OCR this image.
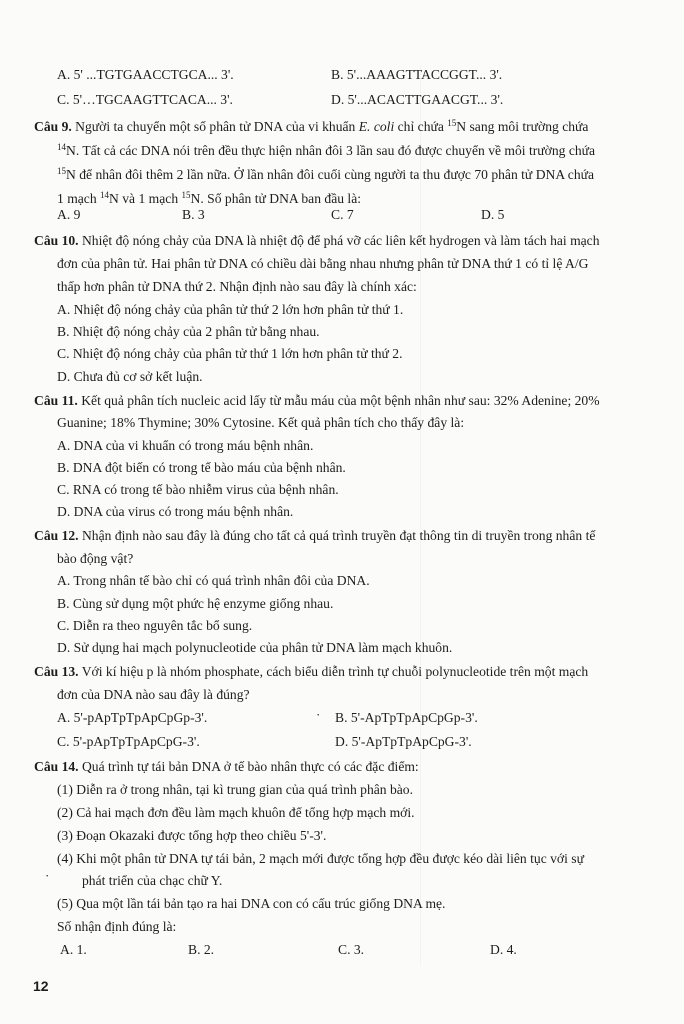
A. 5' ...TGTGAACCTGCA... 3'.	B. 5'...AAAGTTACCGGT... 3'.
C. 5'…TGCAAGTTCACA... 3'.	D. 5'...ACACTTGAACGT... 3'.
Câu 9. Người ta chuyển một số phân tử DNA của vi khuẩn E. coli chỉ chứa $^{15}$N sang môi trường chứa
$^{14}$N. Tất cả các DNA nói trên đều thực hiện nhân đôi 3 lần sau đó được chuyển về môi trường chứa
$^{15}$N để nhân đôi thêm 2 lần nữa. Ở lần nhân đôi cuối cùng người ta thu được 70 phân tử DNA chứa
1 mạch $^{14}$N và 1 mạch $^{15}$N. Số phân tử DNA ban đầu là:
A. 9	B. 3	C. 7	D. 5
Câu 10. Nhiệt độ nóng chảy của DNA là nhiệt độ để phá vỡ các liên kết hydrogen và làm tách hai mạch
đơn của phân tử. Hai phân tử DNA có chiều dài bằng nhau nhưng phân tử DNA thứ 1 có tỉ lệ A/G
thấp hơn phân tử DNA thứ 2. Nhận định nào sau đây là chính xác:
A. Nhiệt độ nóng chảy của phân tử thứ 2 lớn hơn phân tử thứ 1.
B. Nhiệt độ nóng chảy của 2 phân tử bằng nhau.
C. Nhiệt độ nóng chảy của phân tử thứ 1 lớn hơn phân tử thứ 2.
D. Chưa đủ cơ sở kết luận.
Câu 11. Kết quả phân tích nucleic acid lấy từ mẫu máu của một bệnh nhân như sau: 32% Adenine; 20%
Guanine; 18% Thymine; 30% Cytosine. Kết quả phân tích cho thấy đây là:
A. DNA của vi khuẩn có trong máu bệnh nhân.
B. DNA đột biến có trong tế bào máu của bệnh nhân.
C. RNA có trong tế bào nhiễm virus của bệnh nhân.
D. DNA của virus có trong máu bệnh nhân.
Câu 12. Nhận định nào sau đây là đúng cho tất cả quá trình truyền đạt thông tin di truyền trong nhân tế
bào động vật?
A. Trong nhân tế bào chỉ có quá trình nhân đôi của DNA.
B. Cùng sử dụng một phức hệ enzyme giống nhau.
C. Diễn ra theo nguyên tắc bổ sung.
D. Sử dụng hai mạch polynucleotide của phân tử DNA làm mạch khuôn.
Câu 13. Với kí hiệu p là nhóm phosphate, cách biểu diễn trình tự chuỗi polynucleotide trên một mạch
đơn của DNA nào sau đây là đúng?
A. 5'-pApTpTpApCpGp-3'.	· B. 5'-ApTpTpApCpGp-3'.
C. 5'-pApTpTpApCpG-3'.	D. 5'-ApTpTpApCpG-3'.
Câu 14. Quá trình tự tái bản DNA ở tế bào nhân thực có các đặc điểm:
(1) Diễn ra ở trong nhân, tại kì trung gian của quá trình phân bào.
(2) Cả hai mạch đơn đều làm mạch khuôn để tổng hợp mạch mới.
(3) Đoạn Okazaki được tổng hợp theo chiều 5'-3'.
(4) Khi một phân tử DNA tự tái bản, 2 mạch mới được tổng hợp đều được kéo dài liên tục với sự
· phát triển của chạc chữ Y.
(5) Qua một lần tái bản tạo ra hai DNA con có cấu trúc giống DNA mẹ.
Số nhận định đúng là:
A. 1.	B. 2.	C. 3.	D. 4.
12
